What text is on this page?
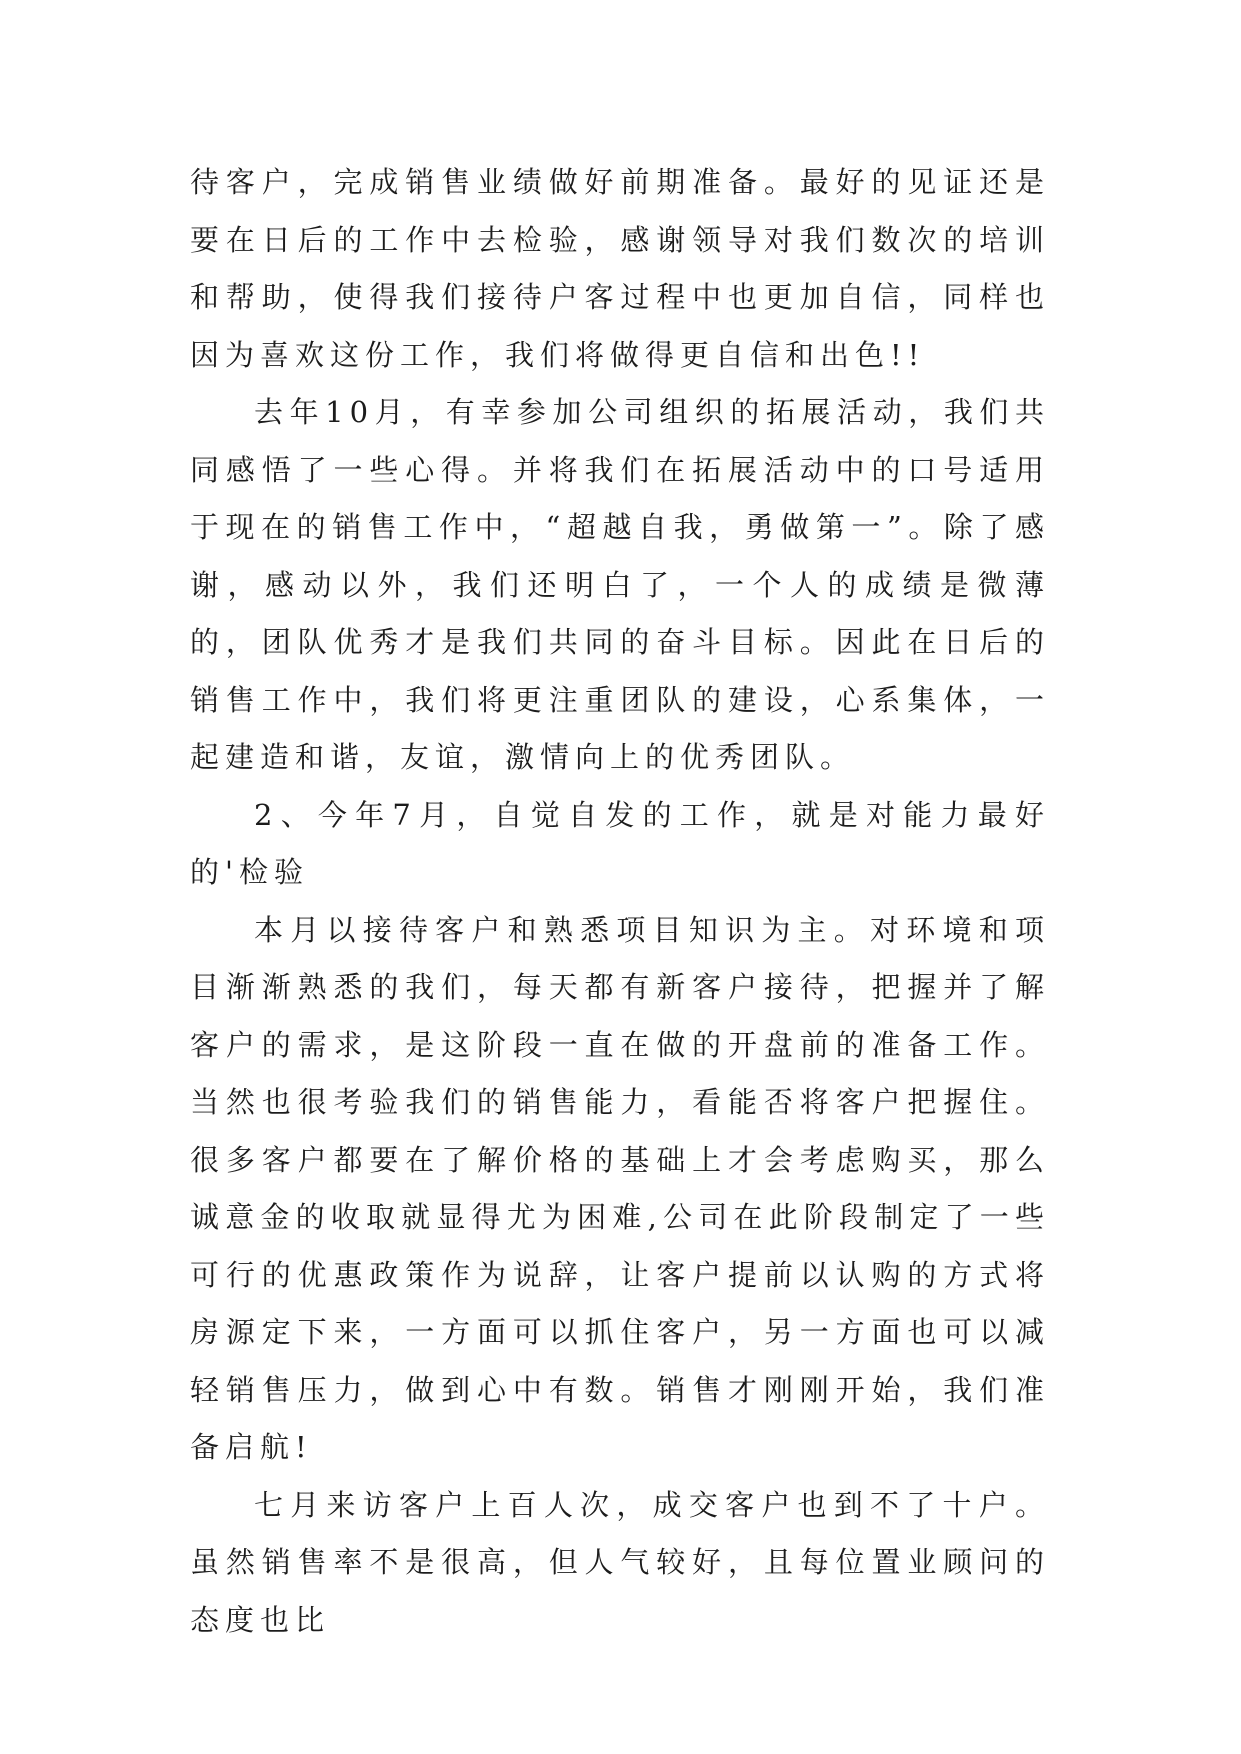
待客户，完成销售业绩做好前期准备。最好的见证还是要在日后的工作中去检验，感谢领导对我们数次的培训和帮助，使得我们接待户客过程中也更加自信，同样也因为喜欢这份工作，我们将做得更自信和出色!!

去年10月，有幸参加公司组织的拓展活动，我们共同感悟了一些心得。并将我们在拓展活动中的口号适用于现在的销售工作中，“超越自我，勇做第一”。除了感谢，感动以外，我们还明白了，一个人的成绩是微薄的，团队优秀才是我们共同的奋斗目标。因此在日后的销售工作中，我们将更注重团队的建设，心系集体，一起建造和谐，友谊，激情向上的优秀团队。

2、今年7月，自觉自发的工作，就是对能力最好的'检验

本月以接待客户和熟悉项目知识为主。对环境和项目渐渐熟悉的我们，每天都有新客户接待，把握并了解客户的需求，是这阶段一直在做的开盘前的准备工作。当然也很考验我们的销售能力，看能否将客户把握住。很多客户都要在了解价格的基础上才会考虑购买，那么诚意金的收取就显得尤为困难,公司在此阶段制定了一些可行的优惠政策作为说辞，让客户提前以认购的方式将房源定下来，一方面可以抓住客户，另一方面也可以减轻销售压力，做到心中有数。销售才刚刚开始，我们准备启航!

七月来访客户上百人次，成交客户也到不了十户。虽然销售率不是很高，但人气较好，且每位置业顾问的态度也比
